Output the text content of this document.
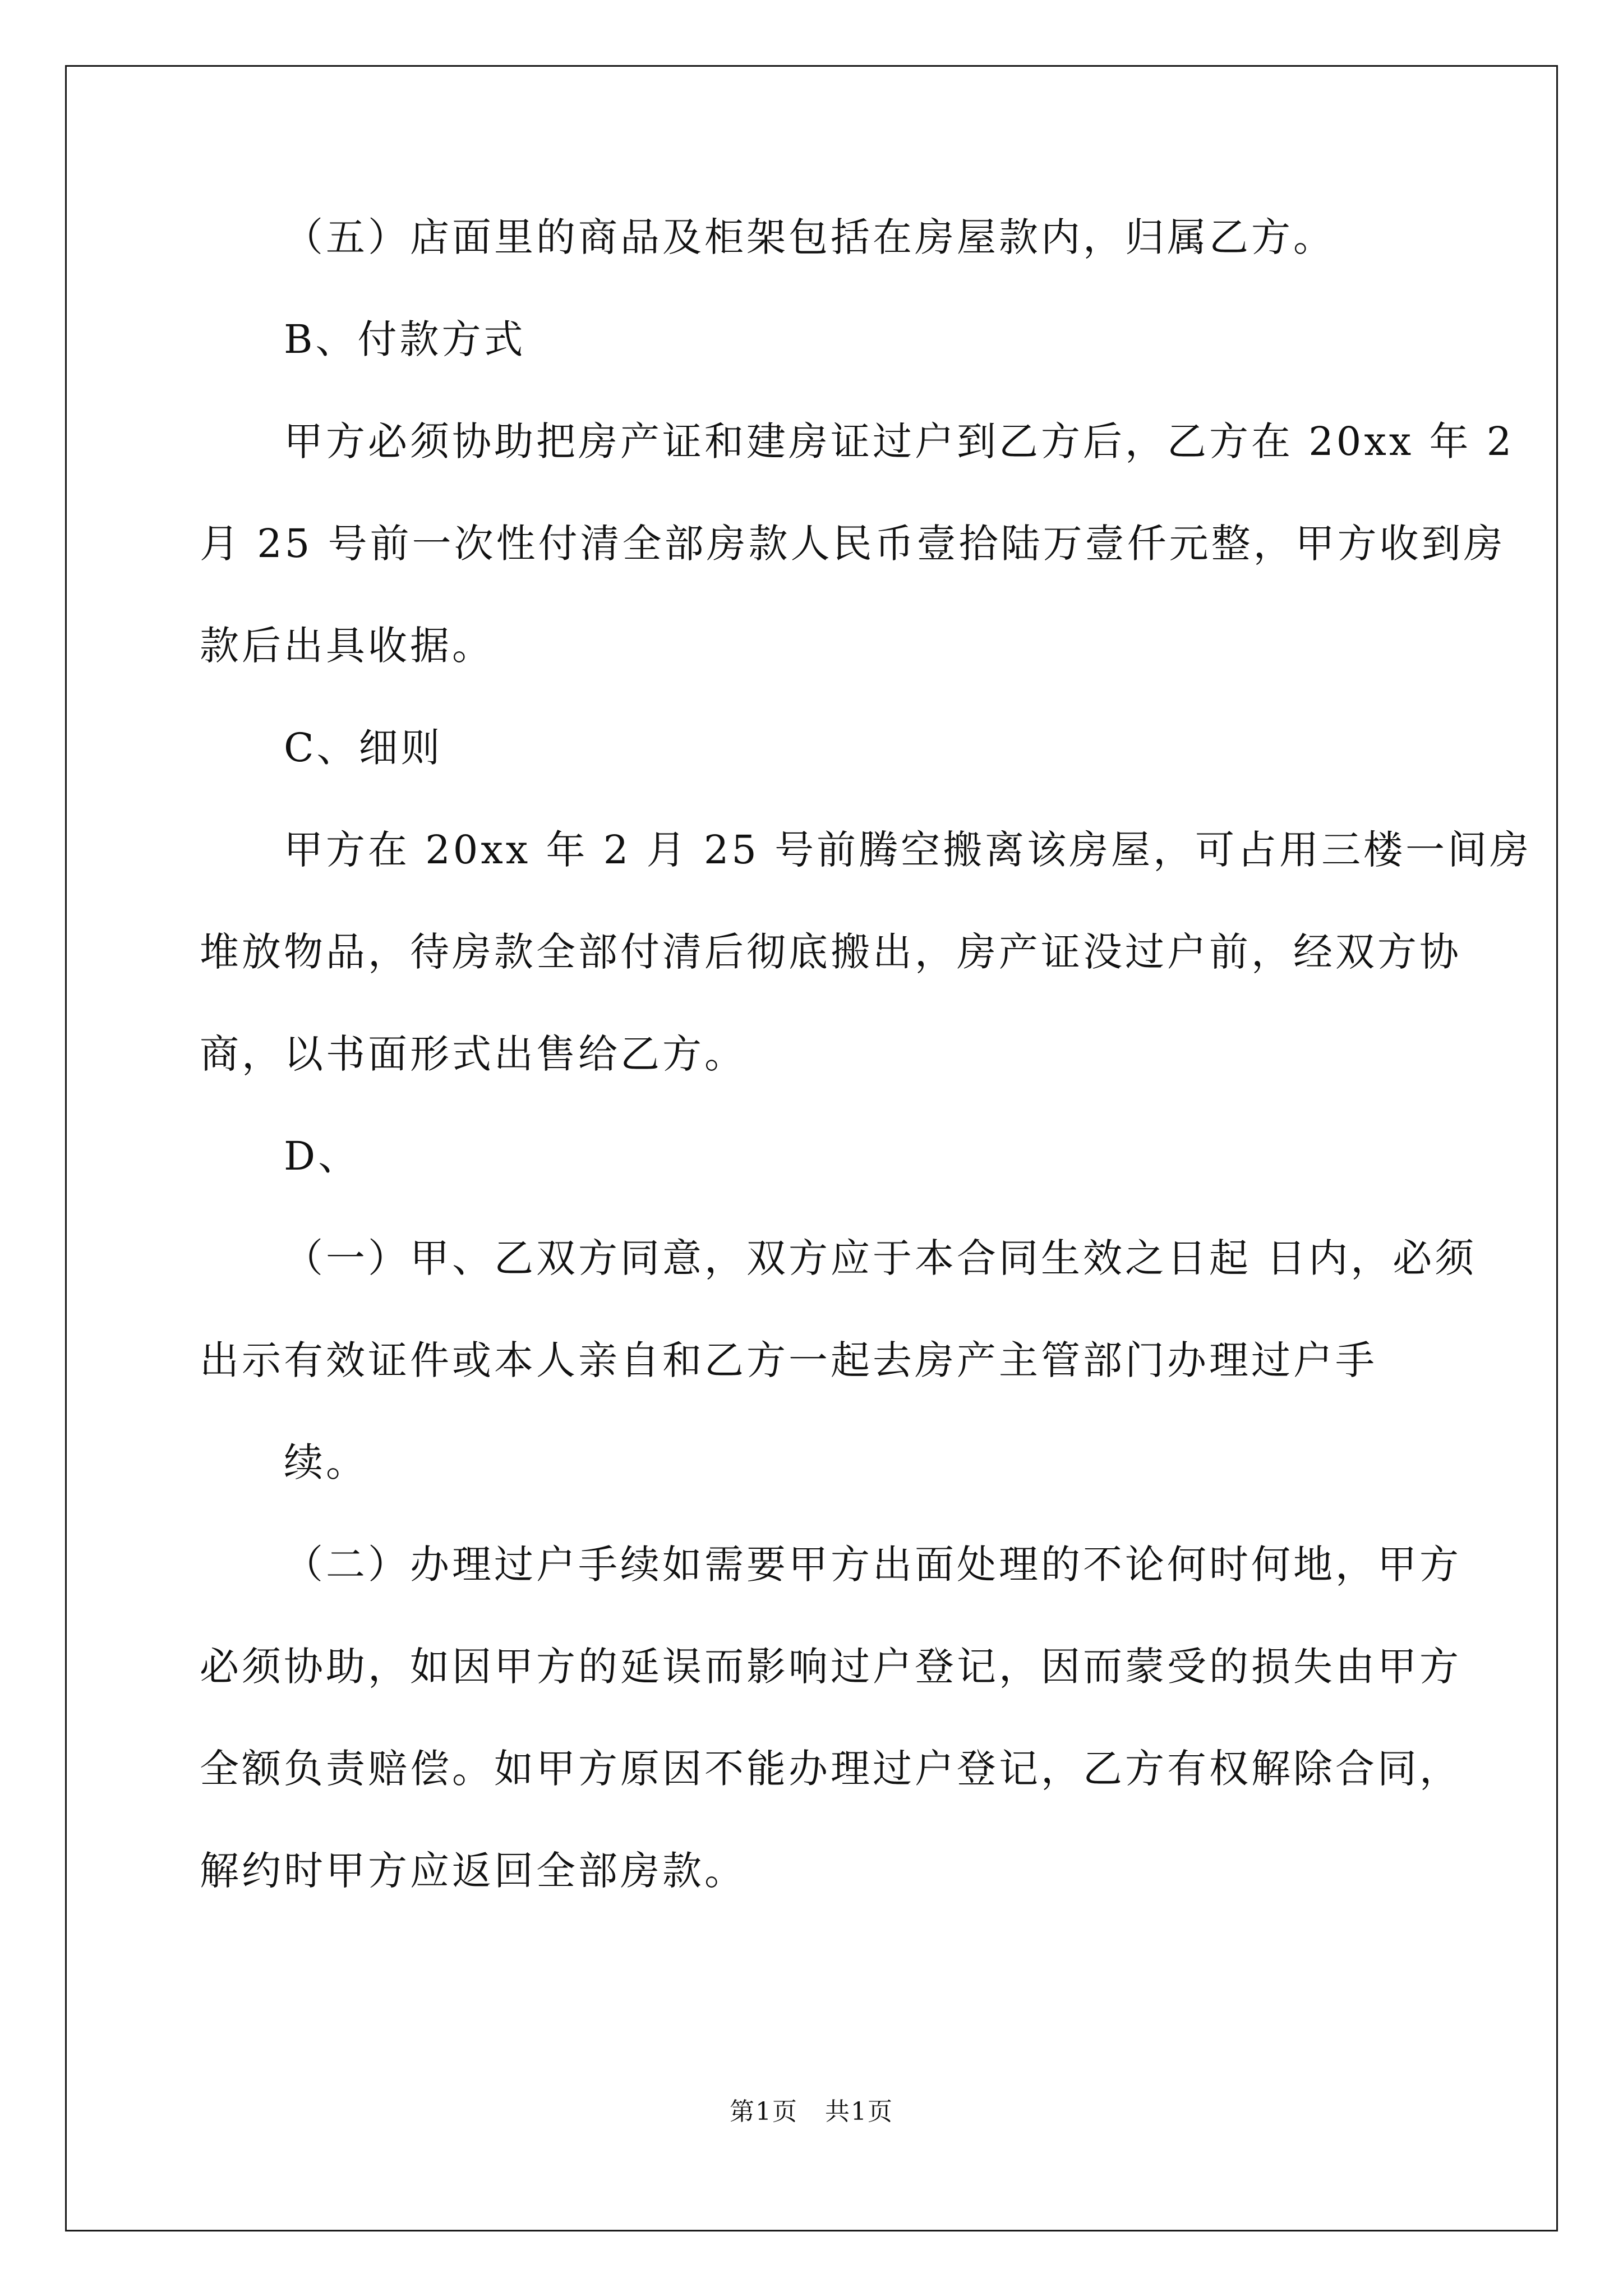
（五）店面里的商品及柜架包括在房屋款内，归属乙方。
B、付款方式
甲方必须协助把房产证和建房证过户到乙方后，乙方在 20xx 年 2
月 25 号前一次性付清全部房款人民币壹拾陆万壹仟元整，甲方收到房
款后出具收据。
C、细则
甲方在 20xx 年 2 月 25 号前腾空搬离该房屋，可占用三楼一间房
堆放物品，待房款全部付清后彻底搬出，房产证没过户前，经双方协
商，以书面形式出售给乙方。
D、
（一）甲、乙双方同意，双方应于本合同生效之日起 日内，必须
出示有效证件或本人亲自和乙方一起去房产主管部门办理过户手
续。
（二）办理过户手续如需要甲方出面处理的不论何时何地，甲方
必须协助，如因甲方的延误而影响过户登记，因而蒙受的损失由甲方
全额负责赔偿。如甲方原因不能办理过户登记，乙方有权解除合同，
解约时甲方应返回全部房款。
第1页   共1页
